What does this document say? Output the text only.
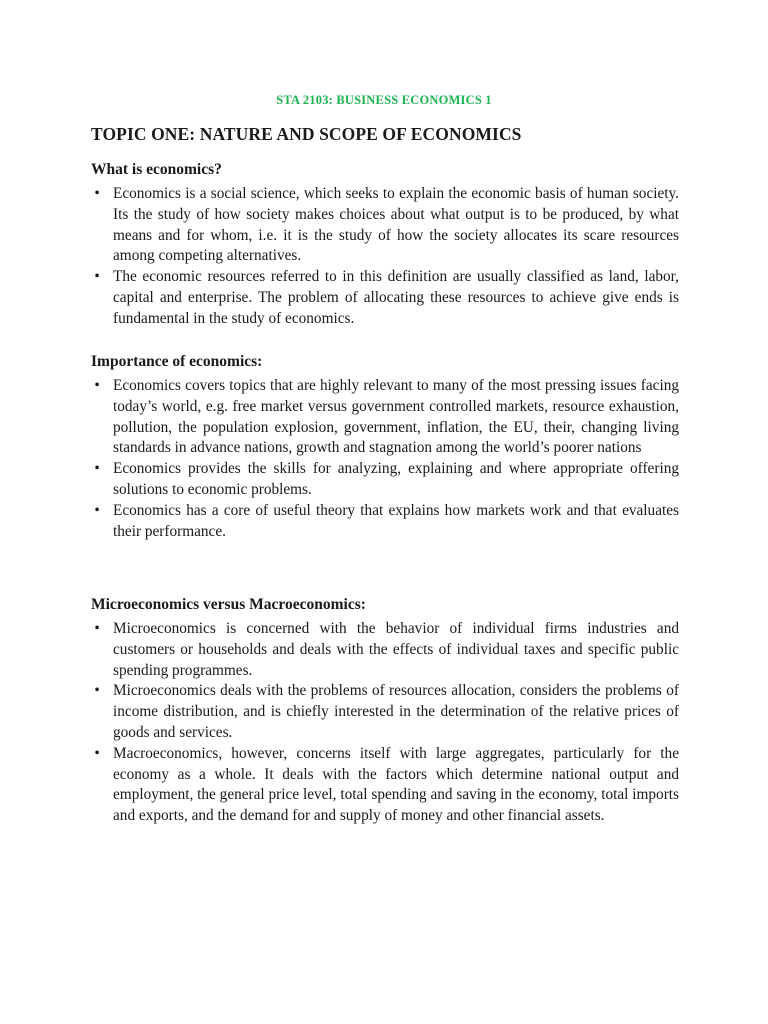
STA 2103: BUSINESS ECONOMICS 1
TOPIC ONE: NATURE AND SCOPE OF ECONOMICS
What is economics?
• Economics is a social science, which seeks to explain the economic basis of human society. Its the study of how society makes choices about what output is to be produced, by what means and for whom, i.e. it is the study of how the society allocates its scare resources among competing alternatives.
• The economic resources referred to in this definition are usually classified as land, labor, capital and enterprise. The problem of allocating these resources to achieve give ends is fundamental in the study of economics.
Importance of economics:
• Economics covers topics that are highly relevant to many of the most pressing issues facing today’s world, e.g. free market versus government controlled markets, resource exhaustion, pollution, the population explosion, government, inflation, the EU, their, changing living standards in advance nations, growth and stagnation among the world’s poorer nations
• Economics provides the skills for analyzing, explaining and where appropriate offering solutions to economic problems.
• Economics has a core of useful theory that explains how markets work and that evaluates their performance.
Microeconomics versus Macroeconomics:
• Microeconomics is concerned with the behavior of individual firms industries and customers or households and deals with the effects of individual taxes and specific public spending programmes.
• Microeconomics deals with the problems of resources allocation, considers the problems of income distribution, and is chiefly interested in the determination of the relative prices of goods and services.
• Macroeconomics, however, concerns itself with large aggregates, particularly for the economy as a whole. It deals with the factors which determine national output and employment, the general price level, total spending and saving in the economy, total imports and exports, and the demand for and supply of money and other financial assets.
